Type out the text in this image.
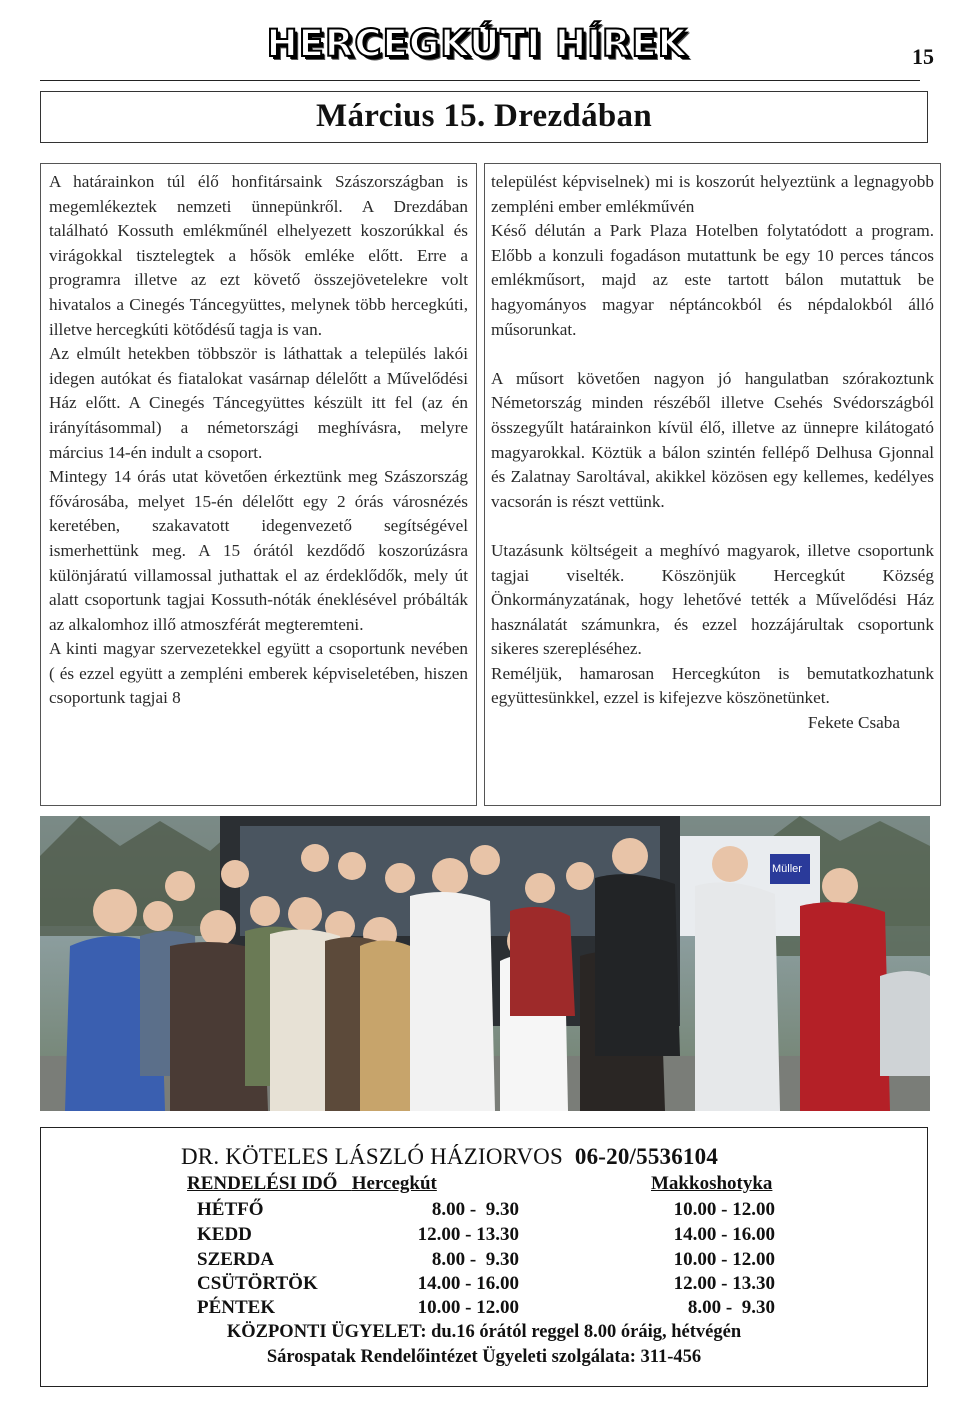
HERCEGKÚTI HÍREK	15
Március 15. Drezdában

A határainkon túl élő honfitársaink Szászországban is megemlékeztek nemzeti ünnepünkről. A Drezdában található Kossuth emlékműnél elhelyezett koszorúkkal és virágokkal tisztelegtek a hősök emléke előtt. Erre a programra illetve az ezt követő összejövetelekre volt hivatalos a Cinegés Táncegyüttes, melynek több hercegkúti, illetve hercegkúti kötődésű tagja is van.

Az elmúlt hetekben többször is láthattak a település lakói idegen autókat és fiatalokat vasárnap délelőtt a Művelődési Ház előtt. A Cinegés Táncegyüttes készült itt fel (az én irányításommal) a németországi meghívásra, melyre március 14-én indult a csoport.

Mintegy 14 órás utat követően érkeztünk meg Szászország fővárosába, melyet 15-én délelőtt egy 2 órás városnézés keretében, szakavatott idegenvezető segítségével ismerhettünk meg. A 15 órától kezdődő koszorúzásra különjáratú villamossal juthattak el az érdeklődők, mely út alatt csoportunk tagjai Kossuth-nóták éneklésével próbálták az alkalomhoz illő atmoszférát megteremteni.

A kinti magyar szervezetekkel együtt a csoportunk nevében ( és ezzel együtt a zempléni emberek képviseletében, hiszen csoportunk tagjai 8

települést képviselnek) mi is koszorút helyeztünk a legnagyobb zempléni ember emlékművén

Késő délután a Park Plaza Hotelben folytatódott a program. Előbb a konzuli fogadáson mutattunk be egy 10 perces táncos emlékműsort, majd az este tartott bálon mutattuk be hagyományos magyar néptáncokból és népdalokból álló műsorunkat.

A műsort követően nagyon jó hangulatban szórakoztunk Németország minden részéből illetve Csehés Svédországból összegyűlt határainkon kívül élő, illetve az ünnepre kilátogató magyarokkal. Köztük a bálon szintén fellépő Delhusa Gjonnal és Zalatnay Saroltával, akikkel közösen egy kellemes, kedélyes vacsorán is részt vettünk.

Utazásunk költségeit a meghívó magyarok, illetve csoportunk tagjai viselték. Köszönjük Hercegkút Község Önkormányzatának, hogy lehetővé tették a Művelődési Ház használatát számunkra, és ezzel hozzájárultak csoportunk sikeres szerepléséhez.

Reméljük, hamarosan Hercegkúton is bemutatkozhatunk együttesünkkel, ezzel is kifejezve köszönetünket.

Fekete Csaba

Müller
DR. KÖTELES LÁSZLÓ HÁZIORVOS 06-20/5536104
RENDELÉSI IDŐ Hercegkút	Makkoshotyka
HÉTFŐ	8.00 -  9.30	10.00 - 12.00
KEDD	12.00 - 13.30	14.00 - 16.00
SZERDA	8.00 -  9.30	10.00 - 12.00
CSÜTÖRTÖK	14.00 - 16.00	12.00 - 13.30
PÉNTEK	10.00 - 12.00	8.00 -  9.30
KÖZPONTI ÜGYELET: du.16 órától reggel 8.00 óráig, hétvégén
Sárospatak Rendelőintézet Ügyeleti szolgálata: 311-456
